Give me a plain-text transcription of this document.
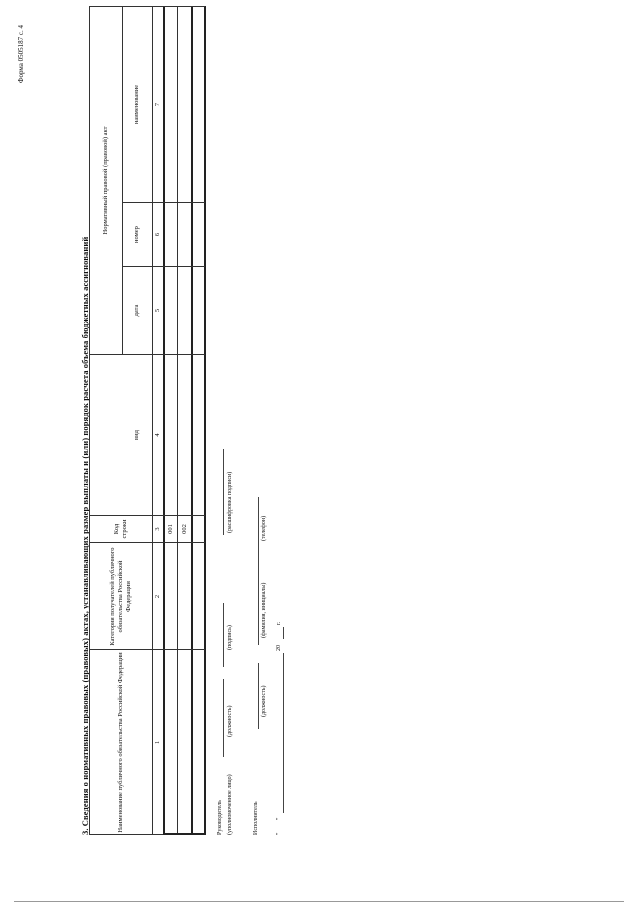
Форма 0505187 с. 4
3. Сведения о нормативных правовых (правовых) актах, устанавливающих размер выплаты и (или) порядок расчета объема бюджетных ассигнований	Наименование публичного обязательства Российской Федерации
Категория получателей публичного обязательства Российской Федерации
Код строки
Нормативный правовой (правовой) акт
вид
дата
номер
наименование
1
2
3
4
5
6
7
001	002
Руководитель (уполномоченное лицо)
(должность)
(подпись)
(расшифровка подписи)
Исполнитель
(должность)
(фамилия, инициалы)
(телефон)
"
"
20
г.
